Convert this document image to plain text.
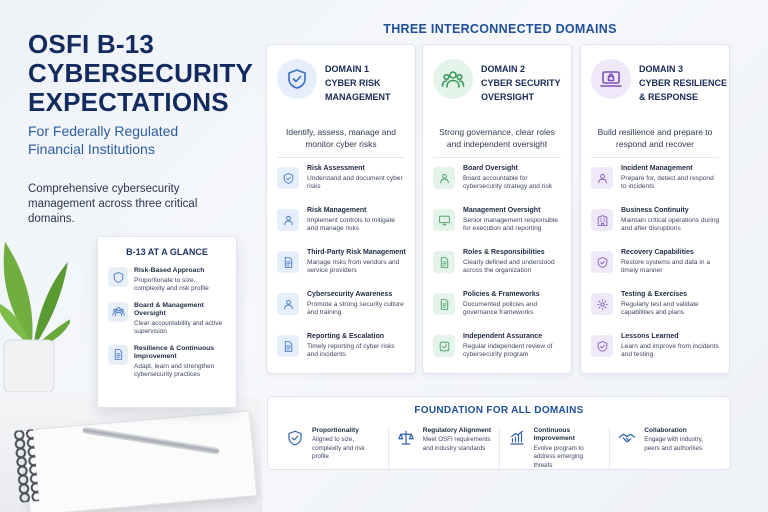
OSFI B-13
CYBERSECURITY
EXPECTATIONS
For Federally Regulated
Financial Institutions
Comprehensive cybersecurity management across three critical domains.
B-13 AT A GLANCE
Risk-Based Approach
Proportionate to size, complexity and risk profile
Board & Management Oversight
Clear accountability and active supervision
Resilience & Continuous Improvement
Adapt, learn and strengthen cybersecurity practices
THREE INTERCONNECTED DOMAINS
DOMAIN 1
CYBER RISK
MANAGEMENT
Identify, assess, manage and monitor cyber risks
Risk Assessment
Understand and document cyber risks
Risk Management
Implement controls to mitigate and manage risks
Third-Party Risk Management
Manage risks from vendors and service providers
Cybersecurity Awareness
Promote a strong security culture and training
Reporting & Escalation
Timely reporting of cyber risks and incidents
DOMAIN 2
CYBER SECURITY
OVERSIGHT
Strong governance, clear roles and independent oversight
Board Oversight
Board accountable for cybersecurity strategy and risk
Management Oversight
Senior management responsible for execution and reporting
Roles & Responsibilities
Clearly defined and understood across the organization
Policies & Frameworks
Documented policies and governance frameworks
Independent Assurance
Regular independent review of cybersecurity program
DOMAIN 3
CYBER RESILIENCE
& RESPONSE
Build resilience and prepare to respond and recover
Incident Management
Prepare for, detect and respond to incidents
Business Continuity
Maintain critical operations during and after disruptions
Recovery Capabilities
Restore systems and data in a timely manner
Testing & Exercises
Regularly test and validate capabilities and plans
Lessons Learned
Learn and improve from incidents and testing
FOUNDATION FOR ALL DOMAINS
Proportionality
Aligned to size, complexity and risk profile
Regulatory Alignment
Meet OSFI requirements and industry standards
Continuous Improvement
Evolve program to address emerging threats
Collaboration
Engage with industry, peers and authorities
